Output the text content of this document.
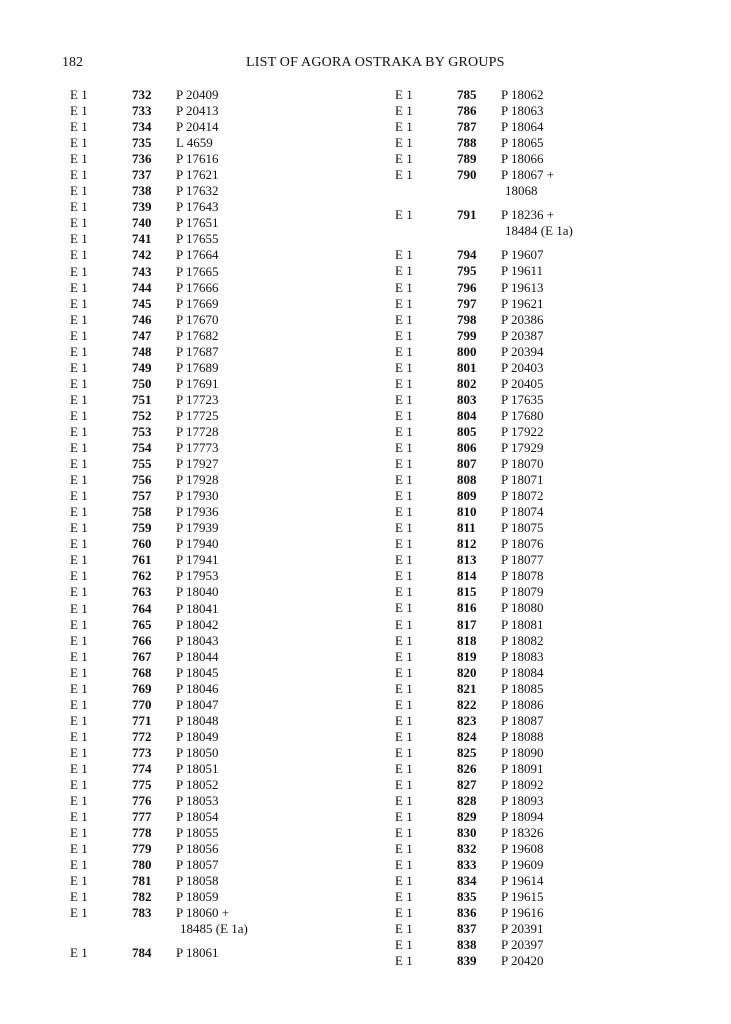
182	LIST OF AGORA OSTRAKA BY GROUPS
E 1	732 P 20409
E 1	733 P 20413
E 1	734 P 20414
E 1	735 L 4659
E 1	736 P 17616
E 1	737 P 17621
E 1	738 P 17632
E 1	739 P 17643
E 1	740 P 17651
E 1	741 P 17655
E 1	742 P 17664
E 1	743 P 17665
E 1	744 P 17666
E 1	745 P 17669
E 1	746 P 17670
E 1	747 P 17682
E 1	748 P 17687
E 1	749 P 17689
E 1	750 P 17691
E 1	751 P 17723
E 1	752 P 17725
E 1	753 P 17728
E 1	754 P 17773
E 1	755 P 17927
E 1	756 P 17928
E 1	757 P 17930
E 1	758 P 17936
E 1	759 P 17939
E 1	760 P 17940
E 1	761 P 17941
E 1	762 P 17953
E 1	763 P 18040
E 1	764 P 18041
E 1	765 P 18042
E 1	766 P 18043
E 1	767 P 18044
E 1	768 P 18045
E 1	769 P 18046
E 1	770 P 18047
E 1	771 P 18048
E 1	772 P 18049
E 1	773 P 18050
E 1	774 P 18051
E 1	775 P 18052
E 1	776 P 18053
E 1	777 P 18054
E 1	778 P 18055
E 1	779 P 18056
E 1	780 P 18057
E 1	781 P 18058
E 1	782 P 18059
E 1	783 P 18060 +
18485 (E 1a)
E 1	784 P 18061
E 1	785 P 18062
E 1	786 P 18063
E 1	787 P 18064
E 1	788 P 18065
E 1	789 P 18066
E 1	790 P 18067 +
18068
E 1	791 P 18236 +
18484 (E 1a)
E 1	794 P 19607
E 1	795 P 19611
E 1	796 P 19613
E 1	797 P 19621
E 1	798 P 20386
E 1	799 P 20387
E 1	800 P 20394
E 1	801 P 20403
E 1	802 P 20405
E 1	803 P 17635
E 1	804 P 17680
E 1	805 P 17922
E 1	806 P 17929
E 1	807 P 18070
E 1	808 P 18071
E 1	809 P 18072
E 1	810 P 18074
E 1	811 P 18075
E 1	812 P 18076
E 1	813 P 18077
E 1	814 P 18078
E 1	815 P 18079
E 1	816 P 18080
E 1	817 P 18081
E 1	818 P 18082
E 1	819 P 18083
E 1	820 P 18084
E 1	821 P 18085
E 1	822 P 18086
E 1	823 P 18087
E 1	824 P 18088
E 1	825 P 18090
E 1	826 P 18091
E 1	827 P 18092
E 1	828 P 18093
E 1	829 P 18094
E 1	830 P 18326
E 1	832 P 19608
E 1	833 P 19609
E 1	834 P 19614
E 1	835 P 19615
E 1	836 P 19616
E 1	837 P 20391
E 1	838 P 20397
E 1	839 P 20420
